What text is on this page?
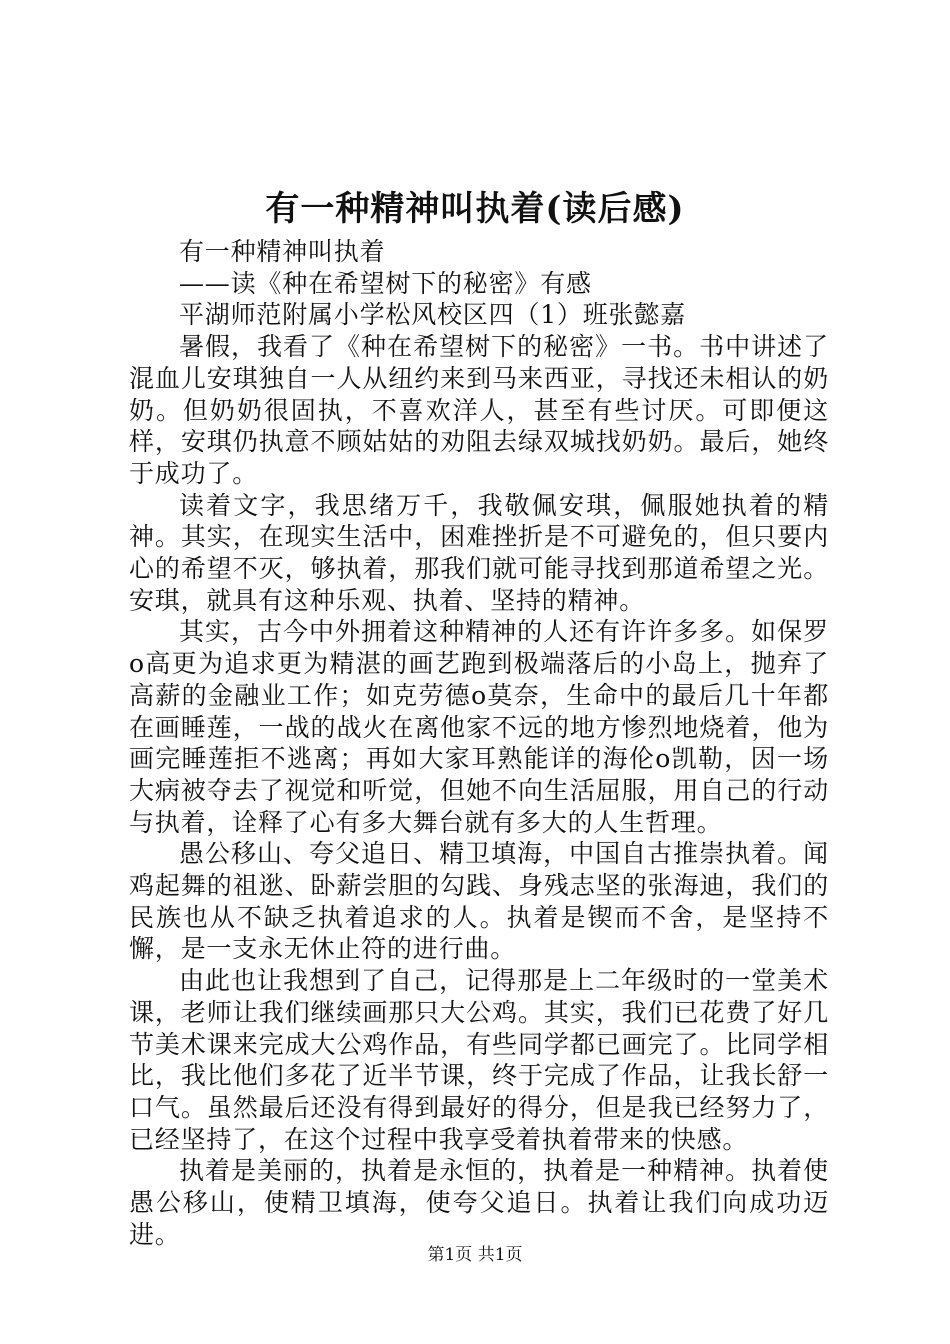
有一种精神叫执着(读后感)

有一种精神叫执着

——读《种在希望树下的秘密》有感

平湖师范附属小学松风校区四（1）班张懿嘉

暑假，我看了《种在希望树下的秘密》一书。书中讲述了混血儿安琪独自一人从纽约来到马来西亚，寻找还未相认的奶奶。但奶奶很固执，不喜欢洋人，甚至有些讨厌。可即便这样，安琪仍执意不顾姑姑的劝阻去绿双城找奶奶。最后，她终于成功了。

读着文字，我思绪万千，我敬佩安琪，佩服她执着的精神。其实，在现实生活中，困难挫折是不可避免的，但只要内心的希望不灭，够执着，那我们就可能寻找到那道希望之光。安琪，就具有这种乐观、执着、坚持的精神。

其实，古今中外拥着这种精神的人还有许许多多。如保罗o高更为追求更为精湛的画艺跑到极端落后的小岛上，抛弃了高薪的金融业工作；如克劳德o莫奈，生命中的最后几十年都在画睡莲，一战的战火在离他家不远的地方惨烈地烧着，他为画完睡莲拒不逃离；再如大家耳熟能详的海伦o凯勒，因一场大病被夺去了视觉和听觉，但她不向生活屈服，用自己的行动与执着，诠释了心有多大舞台就有多大的人生哲理。

愚公移山、夸父追日、精卫填海，中国自古推崇执着。闻鸡起舞的祖逖、卧薪尝胆的勾践、身残志坚的张海迪，我们的民族也从不缺乏执着追求的人。执着是锲而不舍，是坚持不懈，是一支永无休止符的进行曲。

由此也让我想到了自己，记得那是上二年级时的一堂美术课，老师让我们继续画那只大公鸡。其实，我们已花费了好几节美术课来完成大公鸡作品，有些同学都已画完了。比同学相比，我比他们多花了近半节课，终于完成了作品，让我长舒一口气。虽然最后还没有得到最好的得分，但是我已经努力了，已经坚持了，在这个过程中我享受着执着带来的快感。

执着是美丽的，执着是永恒的，执着是一种精神。执着使愚公移山，使精卫填海，使夸父追日。执着让我们向成功迈进。

第1页 共1页
